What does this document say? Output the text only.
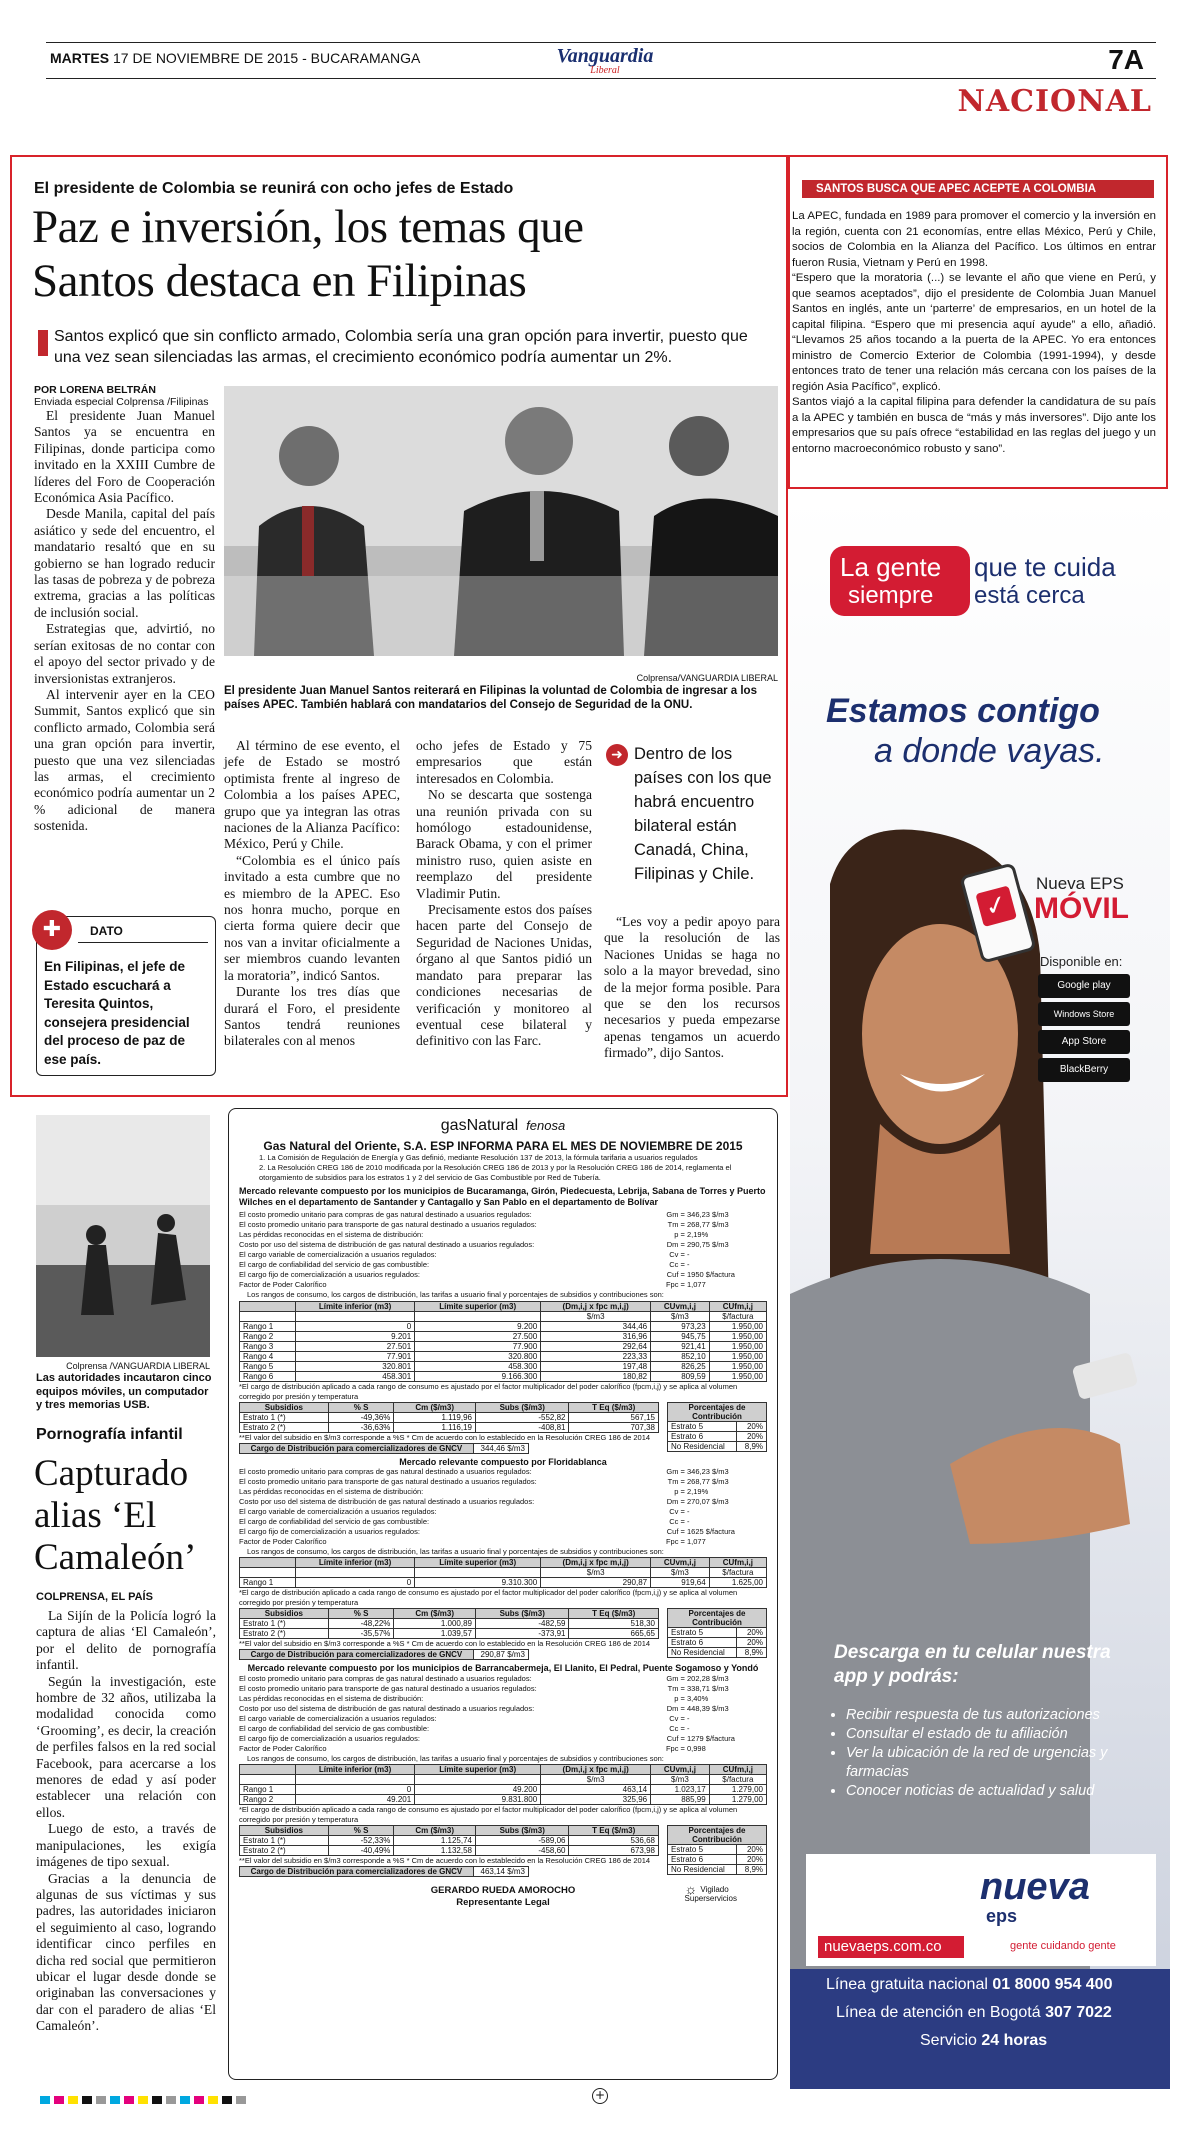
MARTES 17 DE NOVIEMBRE DE 2015 - BUCARAMANGA	Vanguardia
Liberal	7A
NACIONAL
El presidente de Colombia se reunirá con ocho jefes de Estado
Paz e inversión, los temas que
Santos destaca en Filipinas
Santos explicó que sin conflicto armado, Colombia sería una gran opción para invertir, puesto que una vez sean silenciadas las armas, el crecimiento económico podría aumentar un 2%.
POR LORENA BELTRÁN
Enviada especial Colprensa /Filipinas

El presidente Juan Manuel Santos ya se encuentra en Filipinas, donde participa como invitado en la XXIII Cumbre de líderes del Foro de Cooperación Económica Asia Pacífico.

Desde Manila, capital del país asiático y sede del encuentro, el mandatario resaltó que en su gobierno se han logrado reducir las tasas de pobreza y de pobreza extrema, gracias a las políticas de inclusión social.

Estrategias que, advirtió, no serían exitosas de no contar con el apoyo del sector privado y de inversionistas extranjeros.

Al intervenir ayer en la CEO Summit, Santos explicó que sin conflicto armado, Colombia será una gran opción para invertir, puesto que una vez silenciadas las armas, el crecimiento económico podría aumentar un 2 % adicional de manera sostenida.

Colprensa/VANGUARDIA LIBERAL
El presidente Juan Manuel Santos reiterará en Filipinas la voluntad de Colombia de ingresar a los países APEC. También hablará con mandatarios del Consejo de Seguridad de la ONU.

Al término de ese evento, el jefe de Estado se mostró optimista frente al ingreso de Colombia a los países APEC, grupo que ya integran las otras naciones de la Alianza Pacífico: México, Perú y Chile.

“Colombia es el único país invitado a esta cumbre que no es miembro de la APEC. Eso nos honra mucho, porque en cierta forma quiere decir que nos van a invitar oficialmente a ser miembros cuando levanten la moratoria”, indicó Santos.

Durante los tres días que durará el Foro, el presidente Santos tendrá reuniones bilaterales con al menos

ocho jefes de Estado y 75 empresarios que están interesados en Colombia.

No se descarta que sostenga una reunión privada con su homólogo estadounidense, Barack Obama, y con el primer ministro ruso, quien asiste en reemplazo del presidente Vladimir Putin.

Precisamente estos dos países hacen parte del Consejo de Seguridad de Naciones Unidas, órgano al que Santos pidió un mandato para preparar las condiciones necesarias de verificación y monitoreo al eventual cese bilateral y definitivo con las Farc.

➜ Dentro de los países con los que habrá encuentro bilateral están Canadá, China, Filipinas y Chile.

“Les voy a pedir apoyo para que la resolución de las Naciones Unidas se haga no solo a la mayor brevedad, sino de la mejor forma posible. Para que se den los recursos necesarios y pueda empezarse apenas tengamos un acuerdo firmado”, dijo Santos.

✚	DATO
En Filipinas, el jefe de Estado escuchará a Teresita Quintos, consejera presidencial del proceso de paz de ese país.
SANTOS BUSCA QUE APEC ACEPTE A COLOMBIA

La APEC, fundada en 1989 para promover el comercio y la inversión en la región, cuenta con 21 economías, entre ellas México, Perú y Chile, socios de Colombia en la Alianza del Pacífico. Los últimos en entrar fueron Rusia, Vietnam y Perú en 1998.

“Espero que la moratoria (...) se levante el año que viene en Perú, y que seamos aceptados”, dijo el presidente de Colombia Juan Manuel Santos en inglés, ante un ‘parterre’ de empresarios, en un hotel de la capital filipina. “Espero que mi presencia aquí ayude” a ello, añadió. “Llevamos 25 años tocando a la puerta de la APEC. Yo era entonces ministro de Comercio Exterior de Colombia (1991-1994), y desde entonces trato de tener una relación más cercana con los países de la región Asia Pacífico”, explicó.

Santos viajó a la capital filipina para defender la candidatura de su país a la APEC y también en busca de “más y más inversores”. Dijo ante los empresarios que su país ofrece “estabilidad en las reglas del juego y un entorno macroeconómico robusto y sano”.

Colprensa /VANGUARDIA LIBERAL
Las autoridades incautaron cinco equipos móviles, un computador y tres memorias USB.
Pornografía infantil
Capturado
alias ‘El
Camaleón’
COLPRENSA, EL PAÍS

La Sijín de la Policía logró la captura de alias ‘El Camaleón’, por el delito de pornografía infantil.

Según la investigación, este hombre de 32 años, utilizaba la modalidad conocida como ‘Grooming’, es decir, la creación de perfiles falsos en la red social Facebook, para acercarse a los menores de edad y así poder establecer una relación con ellos.

Luego de esto, a través de manipulaciones, les exigía imágenes de tipo sexual.

Gracias a la denuncia de algunas de sus víctimas y sus padres, las autoridades iniciaron el seguimiento al caso, logrando identificar cinco perfiles en dicha red social que permitieron ubicar el lugar desde donde se originaban las conversaciones y dar con el paradero de alias ‘El Camaleón’.

gasNatural fenosa
Gas Natural del Oriente, S.A. ESP INFORMA PARA EL MES DE NOVIEMBRE DE 2015
1. La Comisión de Regulación de Energía y Gas definió, mediante Resolución 137 de 2013, la fórmula tarifaria a usuarios regulados
2. La Resolución CREG 186 de 2010 modificada por la Resolución CREG 186 de 2013 y por la Resolución CREG 186 de 2014, reglamenta el otorgamiento de subsidios para los estratos 1 y 2 del servicio de Gas Combustible por Red de Tubería.
Mercado relevante compuesto por los municipios de Bucaramanga, Girón, Piedecuesta, Lebrija, Sabana de Torres y Puerto Wilches en el departamento de Santander y Cantagallo y San Pablo en el departamento de Bolívar
El costo promedio unitario para compras de gas natural destinado a usuarios regulados:	Gm = 346,23 $/m3
El costo promedio unitario para transporte de gas natural destinado a usuarios regulados:	Tm = 268,77 $/m3
Las pérdidas reconocidas en el sistema de distribución:	p = 2,19%
Costo por uso del sistema de distribución de gas natural destinado a usuarios regulados:	Dm = 290,75 $/m3
El cargo variable de comercialización a usuarios regulados:	Cv = -
El cargo de confiabilidad del servicio de gas combustible:	Cc = -
El cargo fijo de comercialización a usuarios regulados:	Cuf = 1950 $/factura
Factor de Poder Calorífico	Fpc = 1,077
Los rangos de consumo, los cargos de distribución, las tarifas a usuario final y porcentajes de subsidios y contribuciones son:
	Límite inferior (m3)	Límite superior (m3)	(Dm,i,j x fpc m,i,j)	CUvm,i,j	CUfm,i,j
			$/m3	$/m3	$/factura
Rango 1	0	9.200	344,46	973,23	1.950,00
Rango 2	9.201	27.500	316,96	945,75	1.950,00
Rango 3	27.501	77.900	292,64	921,41	1.950,00
Rango 4	77.901	320.800	223,33	852,10	1.950,00
Rango 5	320.801	458.300	197,48	826,25	1.950,00
Rango 6	458.301	9.166.300	180,82	809,59	1.950,00
*El cargo de distribución aplicado a cada rango de consumo es ajustado por el factor multiplicador del poder calorífico (fpcm,i,j) y se aplica al volumen corregido por presión y temperatura
Subsidios	% S	Cm ($/m3)	Subs ($/m3)	T Eq ($/m3)
Estrato 1 (*)	-49,36%	1.119,96	-552,82	567,15
Estrato 2 (*)	-36,63%	1.116,19	-408,81	707,38
**El valor del subsidio en $/m3 corresponde a %S * Cm de acuerdo con lo establecido en la Resolución CREG 186 de 2014
Cargo de Distribución para comercializadores de GNCV	344,46 $/m3
Porcentajes de Contribución	
Estrato 5	20%
Estrato 6	20%
No Residencial	8,9%
Mercado relevante compuesto por Floridablanca
El costo promedio unitario para compras de gas natural destinado a usuarios regulados:	Gm = 346,23 $/m3
El costo promedio unitario para transporte de gas natural destinado a usuarios regulados:	Tm = 268,77 $/m3
Las pérdidas reconocidas en el sistema de distribución:	p = 2,19%
Costo por uso del sistema de distribución de gas natural destinado a usuarios regulados:	Dm = 270,07 $/m3
El cargo variable de comercialización a usuarios regulados:	Cv = -
El cargo de confiabilidad del servicio de gas combustible:	Cc = -
El cargo fijo de comercialización a usuarios regulados:	Cuf = 1625 $/factura
Factor de Poder Calorífico	Fpc = 1,077
Los rangos de consumo, los cargos de distribución, las tarifas a usuario final y porcentajes de subsidios y contribuciones son:
	Límite inferior (m3)	Límite superior (m3)	(Dm,i,j x fpc m,i,j)	CUvm,i,j	CUfm,i,j
			$/m3	$/m3	$/factura
Rango 1	0	9.310.300	290,87	919,64	1.625,00
*El cargo de distribución aplicado a cada rango de consumo es ajustado por el factor multiplicador del poder calorífico (fpcm,i,j) y se aplica al volumen corregido por presión y temperatura
Subsidios	% S	Cm ($/m3)	Subs ($/m3)	T Eq ($/m3)
Estrato 1 (*)	-48,22%	1.000,89	-482,59	518,30
Estrato 2 (*)	-35,57%	1.039,57	-373,91	665,65
**El valor del subsidio en $/m3 corresponde a %S * Cm de acuerdo con lo establecido en la Resolución CREG 186 de 2014
Cargo de Distribución para comercializadores de GNCV	290,87 $/m3
Porcentajes de Contribución	
Estrato 5	20%
Estrato 6	20%
No Residencial	8,9%
Mercado relevante compuesto por los municipios de Barrancabermeja, El Llanito, El Pedral, Puente Sogamoso y Yondó
El costo promedio unitario para compras de gas natural destinado a usuarios regulados:	Gm = 202,28 $/m3
El costo promedio unitario para transporte de gas natural destinado a usuarios regulados:	Tm = 338,71 $/m3
Las pérdidas reconocidas en el sistema de distribución:	p = 3,40%
Costo por uso del sistema de distribución de gas natural destinado a usuarios regulados:	Dm = 448,39 $/m3
El cargo variable de comercialización a usuarios regulados:	Cv = -
El cargo de confiabilidad del servicio de gas combustible:	Cc = -
El cargo fijo de comercialización a usuarios regulados:	Cuf = 1279 $/factura
Factor de Poder Calorífico	Fpc = 0,998
Los rangos de consumo, los cargos de distribución, las tarifas a usuario final y porcentajes de subsidios y contribuciones son:
	Límite inferior (m3)	Límite superior (m3)	(Dm,i,j x fpc m,i,j)	CUvm,i,j	CUfm,i,j
			$/m3	$/m3	$/factura
Rango 1	0	49.200	463,14	1.023,17	1.279,00
Rango 2	49.201	9.831.800	325,96	885,99	1.279,00
*El cargo de distribución aplicado a cada rango de consumo es ajustado por el factor multiplicador del poder calorífico (fpcm,i,j) y se aplica al volumen corregido por presión y temperatura
Subsidios	% S	Cm ($/m3)	Subs ($/m3)	T Eq ($/m3)
Estrato 1 (*)	-52,33%	1.125,74	-589,06	536,68
Estrato 2 (*)	-40,49%	1.132,58	-458,60	673,98
**El valor del subsidio en $/m3 corresponde a %S * Cm de acuerdo con lo establecido en la Resolución CREG 186 de 2014
Cargo de Distribución para comercializadores de GNCV	463,14 $/m3
Porcentajes de Contribución	
Estrato 5	20%
Estrato 6	20%
No Residencial	8,9%
GERARDO RUEDA AMOROCHO
Representante Legal
☼ Vigilado
Superservicios
La gente
siempre
que te cuida
está cerca
Estamos contigo
a donde vayas.
✓
Nueva EPS
MÓVIL
Disponible en:
Google play
Windows Store
App Store
BlackBerry
Descarga en tu celular nuestra
app y podrás:
• Recibir respuesta de tus autorizaciones
• Consultar el estado de tu afiliación
• Ver la ubicación de la red de urgencias y farmacias
• Conocer noticias de actualidad y salud
nueva
eps
gente cuidando gente
nuevaeps.com.co
Línea gratuita nacional 01 8000 954 400
Línea de atención en Bogotá 307 7022
Servicio 24 horas
+
